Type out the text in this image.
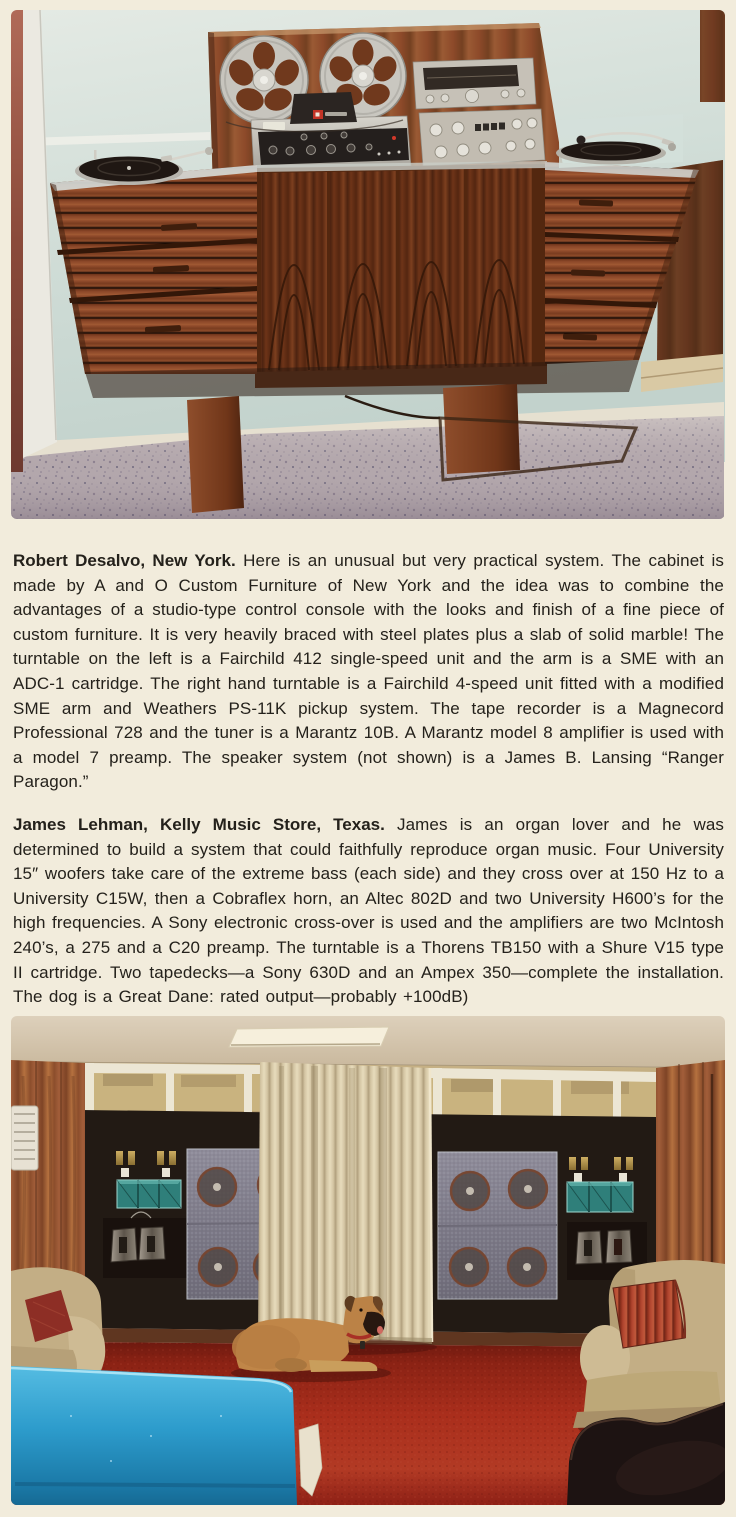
Robert Desalvo, New York. Here is an unusual but very practical system. The cabinet is made by A and O Custom Furniture of New York and the idea was to combine the advantages of a studio-type control console with the looks and finish of a fine piece of custom furniture. It is very heavily braced with steel plates plus a slab of solid marble! The turntable on the left is a Fairchild 412 single-speed unit and the arm is a SME with an ADC-1 cartridge. The right hand turntable is a Fairchild 4-speed unit fitted with a modified SME arm and Weathers PS-11K pickup system. The tape recorder is a Magnecord Professional 728 and the tuner is a Marantz 10B. A Marantz model 8 amplifier is used with a model 7 preamp. The speaker system (not shown) is a James B. Lansing “Ranger Paragon.”

James Lehman, Kelly Music Store, Texas. James is an organ lover and he was determined to build a system that could faithfully reproduce organ music. Four University 15″ woofers take care of the extreme bass (each side) and they cross over at 150 Hz to a University C15W, then a Cobraflex horn, an Altec 802D and two University H600’s for the high frequencies. A Sony electronic cross-over is used and the amplifiers are two McIntosh 240’s, a 275 and a C20 preamp. The turntable is a Thorens TB150 with a Shure V15 type II cartridge. Two tapedecks—a Sony 630D and an Ampex 350—complete the installation. The dog is a Great Dane: rated output—probably +100dB)
